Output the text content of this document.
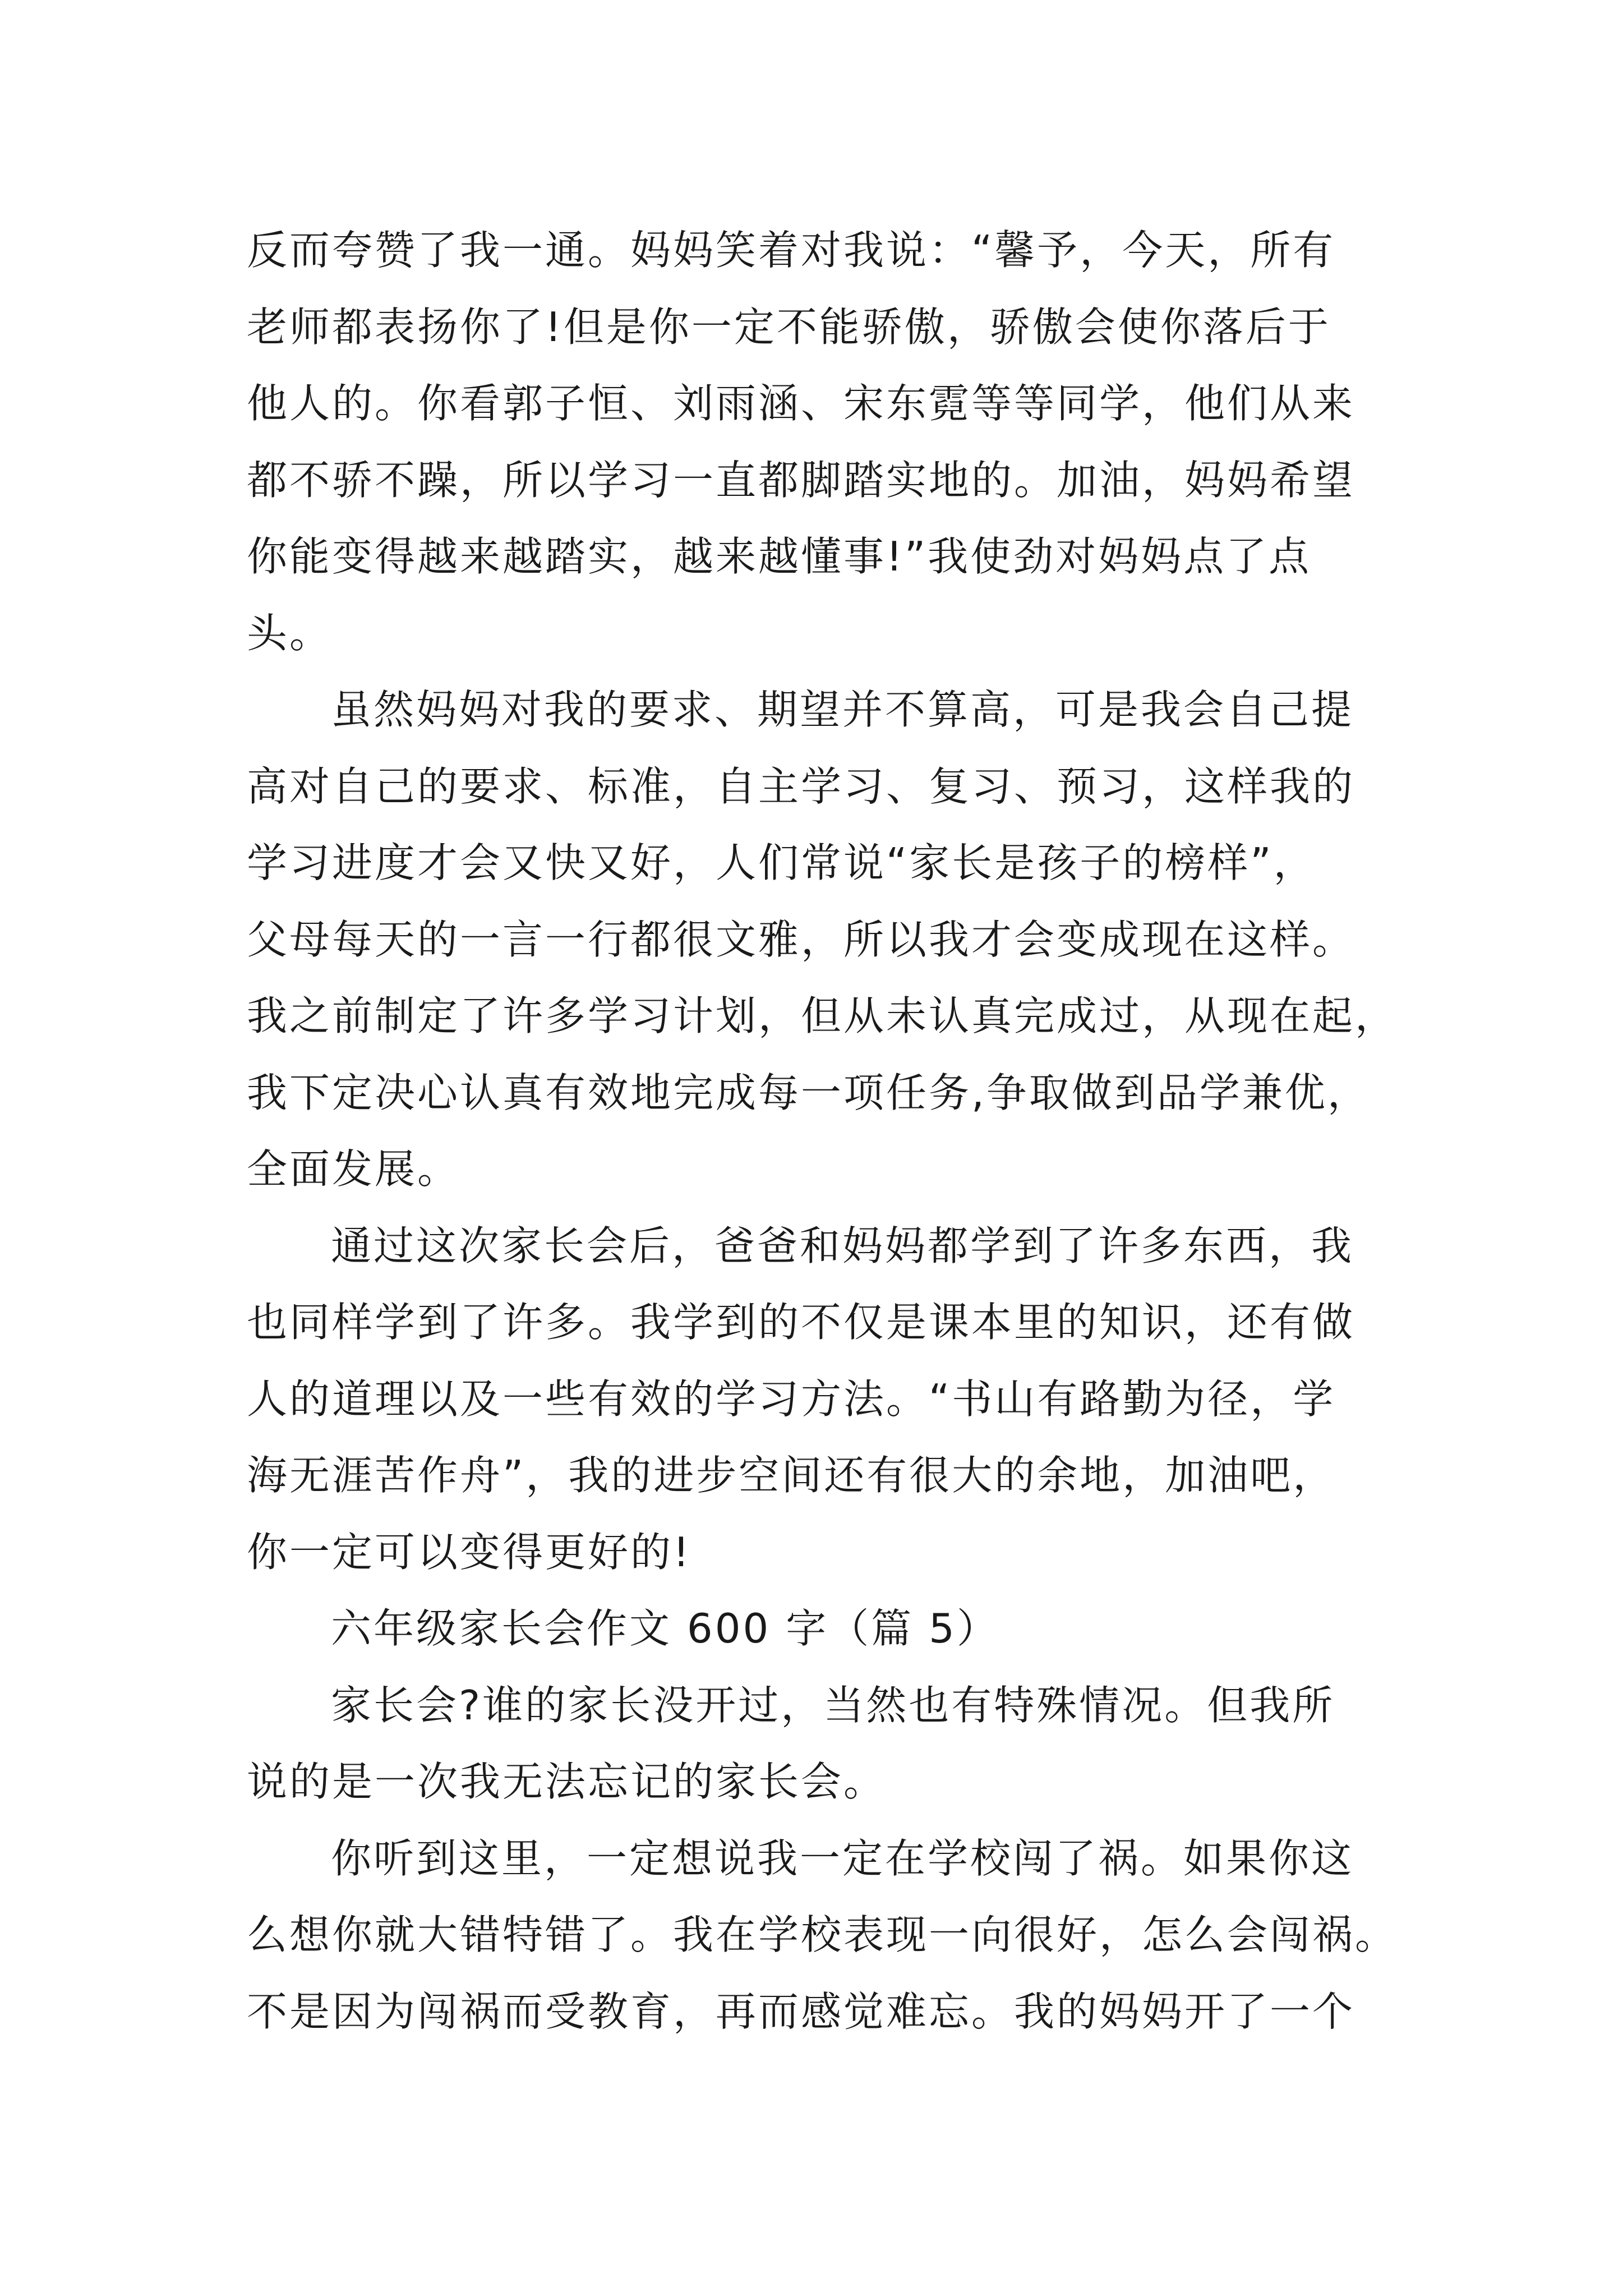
反而夸赞了我一通。妈妈笑着对我说：“馨予，今天，所有
老师都表扬你了!但是你一定不能骄傲，骄傲会使你落后于
他人的。你看郭子恒、刘雨涵、宋东霓等等同学，他们从来
都不骄不躁，所以学习一直都脚踏实地的。加油，妈妈希望
你能变得越来越踏实，越来越懂事!”我使劲对妈妈点了点
头。
虽然妈妈对我的要求、期望并不算高，可是我会自己提
高对自己的要求、标准，自主学习、复习、预习，这样我的
学习进度才会又快又好，人们常说“家长是孩子的榜样”，
父母每天的一言一行都很文雅，所以我才会变成现在这样。
我之前制定了许多学习计划，但从未认真完成过，从现在起，
我下定决心认真有效地完成每一项任务,争取做到品学兼优，
全面发展。
通过这次家长会后，爸爸和妈妈都学到了许多东西，我
也同样学到了许多。我学到的不仅是课本里的知识，还有做
人的道理以及一些有效的学习方法。“书山有路勤为径，学
海无涯苦作舟”，我的进步空间还有很大的余地，加油吧，
你一定可以变得更好的!
六年级家长会作文 600 字（篇 5）
家长会?谁的家长没开过，当然也有特殊情况。但我所
说的是一次我无法忘记的家长会。
你听到这里，一定想说我一定在学校闯了祸。如果你这
么想你就大错特错了。我在学校表现一向很好，怎么会闯祸。
不是因为闯祸而受教育，再而感觉难忘。我的妈妈开了一个
